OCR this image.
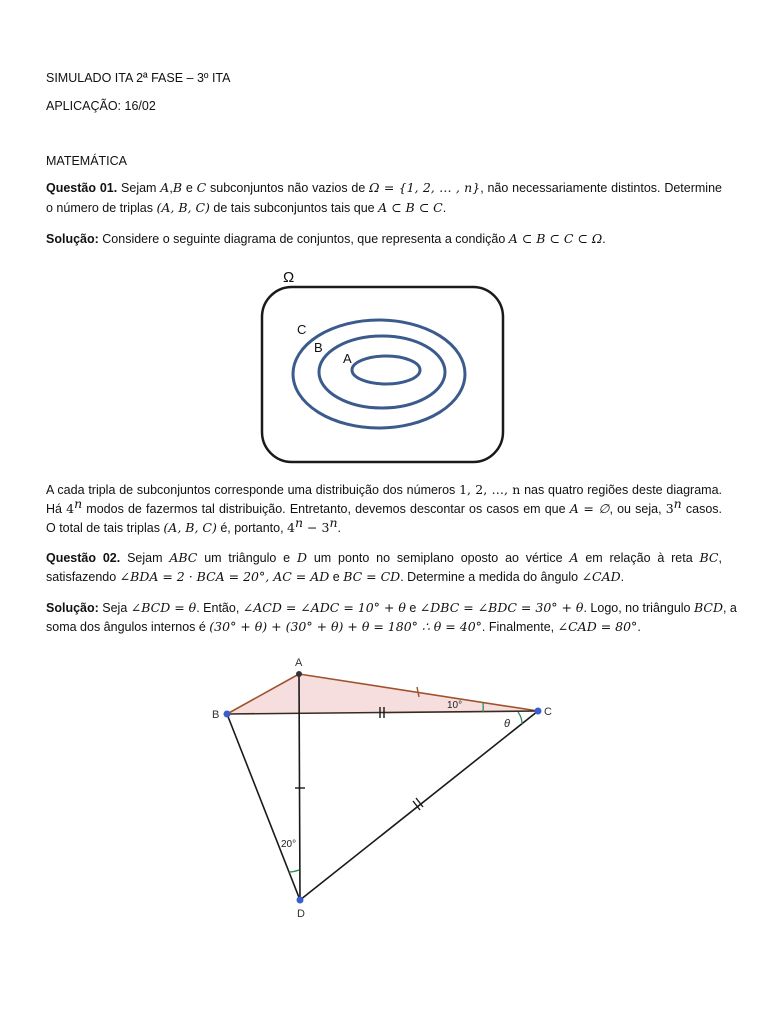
SIMULADO ITA 2ª FASE – 3º ITA
APLICAÇÃO: 16/02
MATEMÁTICA
Questão 01. Sejam A,B e C subconjuntos não vazios de Ω = {1, 2, … , n}, não necessariamente distintos. Determine
o número de triplas (A, B, C) de tais subconjuntos tais que A ⊂ B ⊂ C.
Solução: Considere o seguinte diagrama de conjuntos, que representa a condição A ⊂ B ⊂ C ⊂ Ω.
Ω
C
B
A
A cada tripla de subconjuntos corresponde uma distribuição dos números 1, 2, …, n nas quatro regiões deste diagrama.
Há 4$^n$ modos de fazermos tal distribuição. Entretanto, devemos descontar os casos em que A = ∅, ou seja, 3$^n$ casos.
O total de tais triplas (A, B, C) é, portanto, $4^n - 3^n$.
Questão 02. Sejam ABC um triângulo e D um ponto no semiplano oposto ao vértice A em relação à reta BC,
satisfazendo ∠BDA = 2 · BCA = 20°, AC = AD e BC = CD. Determine a medida do ângulo ∠CAD.
Solução: Seja ∠BCD = θ. Então, ∠ACD = ∠ADC = 10° + θ e ∠DBC = ∠BDC = 30° + θ. Logo, no triângulo BCD, a
soma dos ângulos internos é (30° + θ) + (30° + θ) + θ = 180° ∴ θ = 40°. Finalmente, ∠CAD = 80°.
10°
θ
20°
A
B	C
D
